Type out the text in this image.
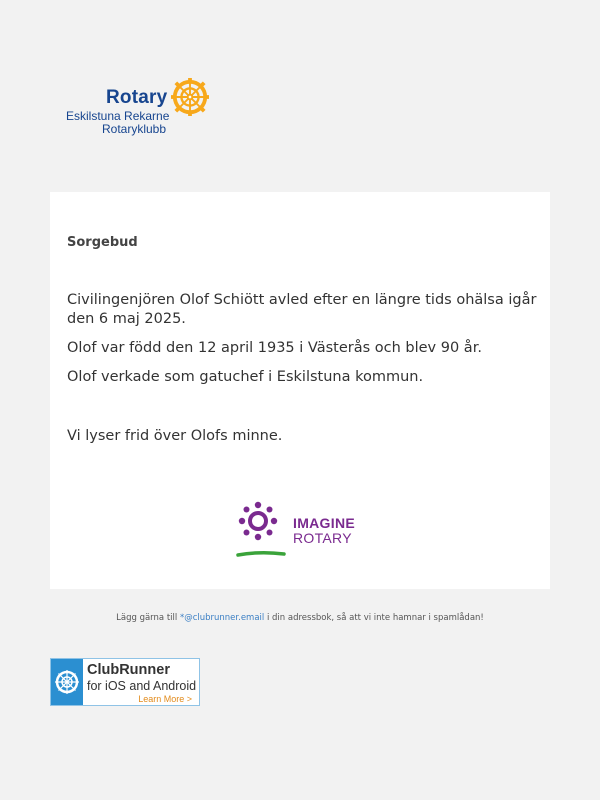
Rotary
Eskilstuna Rekarne
Rotaryklubb
Sorgebud

Civilingenjören Olof Schiött avled efter en längre tids ohälsa igår den 6 maj 2025.

Olof var född den 12 april 1935 i Västerås och blev 90 år.

Olof verkade som gatuchef i Eskilstuna kommun.

Vi lyser frid över Olofs minne.

IMAGINE
ROTARY
Lägg gärna till *@clubrunner.email i din adressbok, så att vi inte hamnar i spamlådan!
ClubRunner
for iOS and Android
Learn More >
